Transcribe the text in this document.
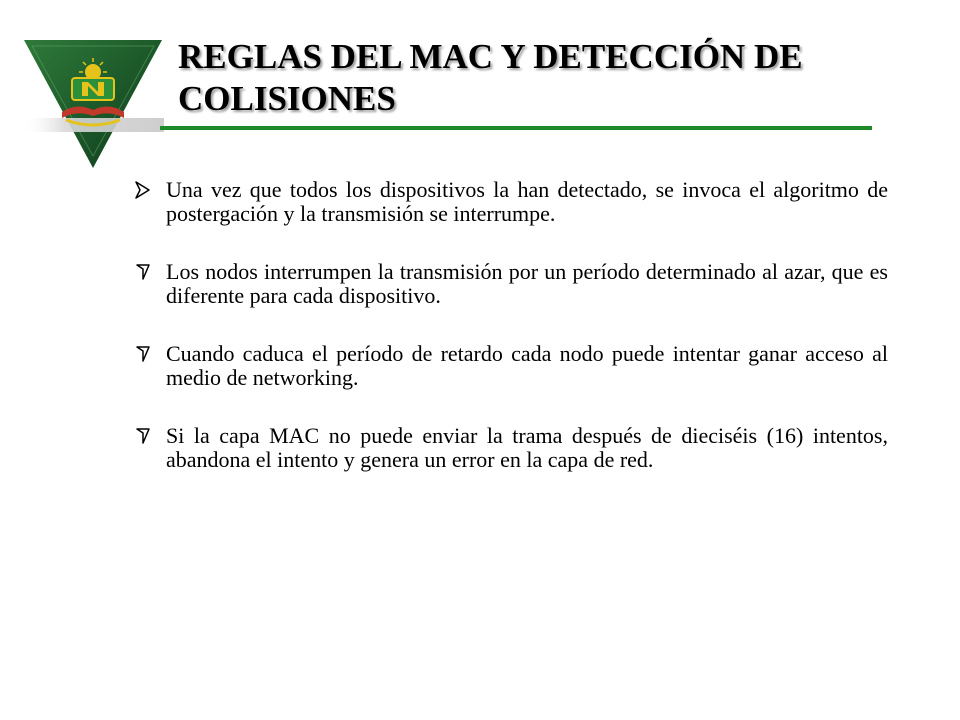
REGLAS DEL MAC Y DETECCIÓN DE
COLISIONES
Una vez que todos los dispositivos la han detectado, se invoca el algoritmo de postergación y la transmisión se interrumpe.
Los nodos interrumpen la transmisión por un período determinado al azar, que es diferente para cada dispositivo.
Cuando caduca el período de retardo cada nodo puede intentar ganar acceso al medio de networking.
Si la capa MAC no puede enviar la trama después de dieciséis (16) intentos, abandona el intento y genera un error en la capa de red.
